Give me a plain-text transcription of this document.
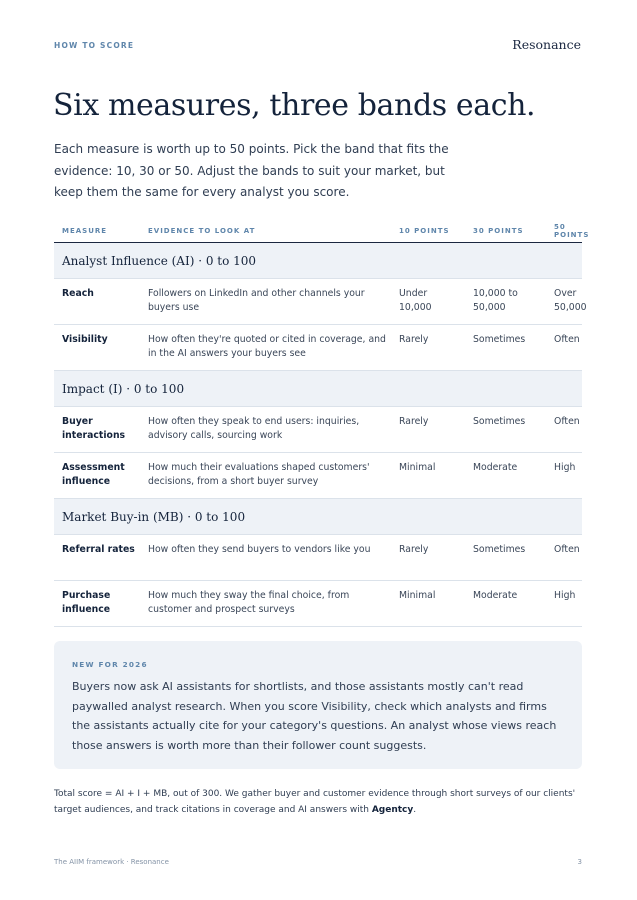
HOW TO SCORE	Resonance
Six measures, three bands each.

Each measure is worth up to 50 points. Pick the band that fits the evidence: 10, 30 or 50. Adjust the bands to suit your market, but keep them the same for every analyst you score.

MEASURE	EVIDENCE TO LOOK AT	10 POINTS	30 POINTS	50 POINTS
Analyst Influence (AI) · 0 to 100				
Reach	Followers on LinkedIn and other channels your buyers use	Under 10,000	10,000 to 50,000	Over 50,000
Visibility	How often they're quoted or cited in coverage, and in the AI answers your buyers see	Rarely	Sometimes	Often
Impact (I) · 0 to 100				
Buyer interactions	How often they speak to end users: inquiries, advisory calls, sourcing work	Rarely	Sometimes	Often
Assessment influence	How much their evaluations shaped customers' decisions, from a short buyer survey	Minimal	Moderate	High
Market Buy-in (MB) · 0 to 100				
Referral rates	How often they send buyers to vendors like you	Rarely	Sometimes	Often
Purchase influence	How much they sway the final choice, from customer and prospect surveys	Minimal	Moderate	High
NEW FOR 2026

Buyers now ask AI assistants for shortlists, and those assistants mostly can't read paywalled analyst research. When you score Visibility, check which analysts and firms the assistants actually cite for your category's questions. An analyst whose views reach those answers is worth more than their follower count suggests.

Total score = AI + I + MB, out of 300. We gather buyer and customer evidence through short surveys of our clients' target audiences, and track citations in coverage and AI answers with Agentcy.

The AIIM framework · Resonance	3
